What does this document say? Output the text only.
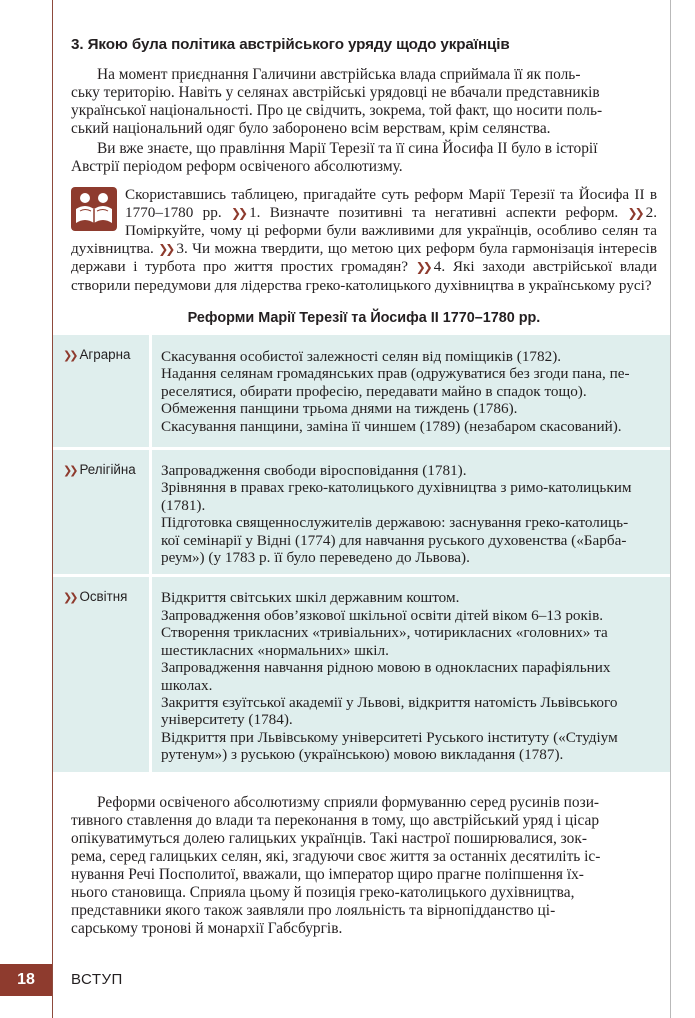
3. Якою була політика австрійського уряду щодо українців
На момент приєднання Галичини австрійська влада сприймала її як поль-
ську територію. Навіть у селянах австрійські урядовці не вбачали представників
української національності. Про це свідчить, зокрема, той факт, що носити поль-
ський національний одяг було заборонено всім верствам, крім селянства.
Ви вже знаєте, що правління Марії Терезії та її сина Йосифа ІІ було в історії
Австрії періодом реформ освіченого абсолютизму.
Скориставшись таблицею, пригадайте суть реформ Марії Терезії та Йосифа ІІ в 1770–1780 рр. ❯❯ 1. Визначте позитивні та негативні аспекти реформ. ❯❯ 2. Поміркуйте, чому ці реформи були важливими для українців, особливо селян та духівництва. ❯❯ 3. Чи можна твердити, що метою цих реформ була гармонізація інтересів держави і турбота про життя простих громадян? ❯❯ 4. Які заходи австрійської влади створили передумови для лідерства греко-католицького духівництва в українському русі?
Реформи Марії Терезії та Йосифа ІІ 1770–1780 рр.
❯❯ Аграрна	Скасування особистої залежності селян від поміщиків (1782).
Надання селянам громадянських прав (одружуватися без згоди пана, пе-
реселятися, обирати професію, передавати майно в спадок тощо).
Обмеження панщини трьома днями на тиждень (1786).
Скасування панщини, заміна її чиншем (1789) (незабаром скасований).
❯❯ Релігійна	Запровадження свободи віросповідання (1781).
Зрівняння в правах греко-католицького духівництва з римо-католицьким
(1781).
Підготовка священнослужителів державою: заснування греко-католиць-
кої семінарії у Відні (1774) для навчання руського духовенства («Барба-
реум») (у 1783 р. її було переведено до Львова).
❯❯ Освітня	Відкриття світських шкіл державним коштом.
Запровадження обов’язкової шкільної освіти дітей віком 6–13 років.
Створення трикласних «тривіальних», чотирикласних «головних» та
шестикласних «нормальних» шкіл.
Запровадження навчання рідною мовою в однокласних парафіяльних
школах.
Закриття єзуїтської академії у Львові, відкриття натомість Львівського
університету (1784).
Відкриття при Львівському університеті Руського інституту («Студіум
рутенум») з руською (українською) мовою викладання (1787).
Реформи освіченого абсолютизму сприяли формуванню серед русинів пози-
тивного ставлення до влади та переконання в тому, що австрійський уряд і цісар
опікуватимуться долею галицьких українців. Такі настрої поширювалися, зок-
рема, серед галицьких селян, які, згадуючи своє життя за останніх десятиліть іс-
нування Речі Посполитої, вважали, що імператор щиро прагне поліпшення їх-
нього становища. Сприяла цьому й позиція греко-католицького духівництва,
представники якого також заявляли про лояльність та вірнопідданство ці-
сарському тронові й монархії Габсбургів.
18	ВСТУП
